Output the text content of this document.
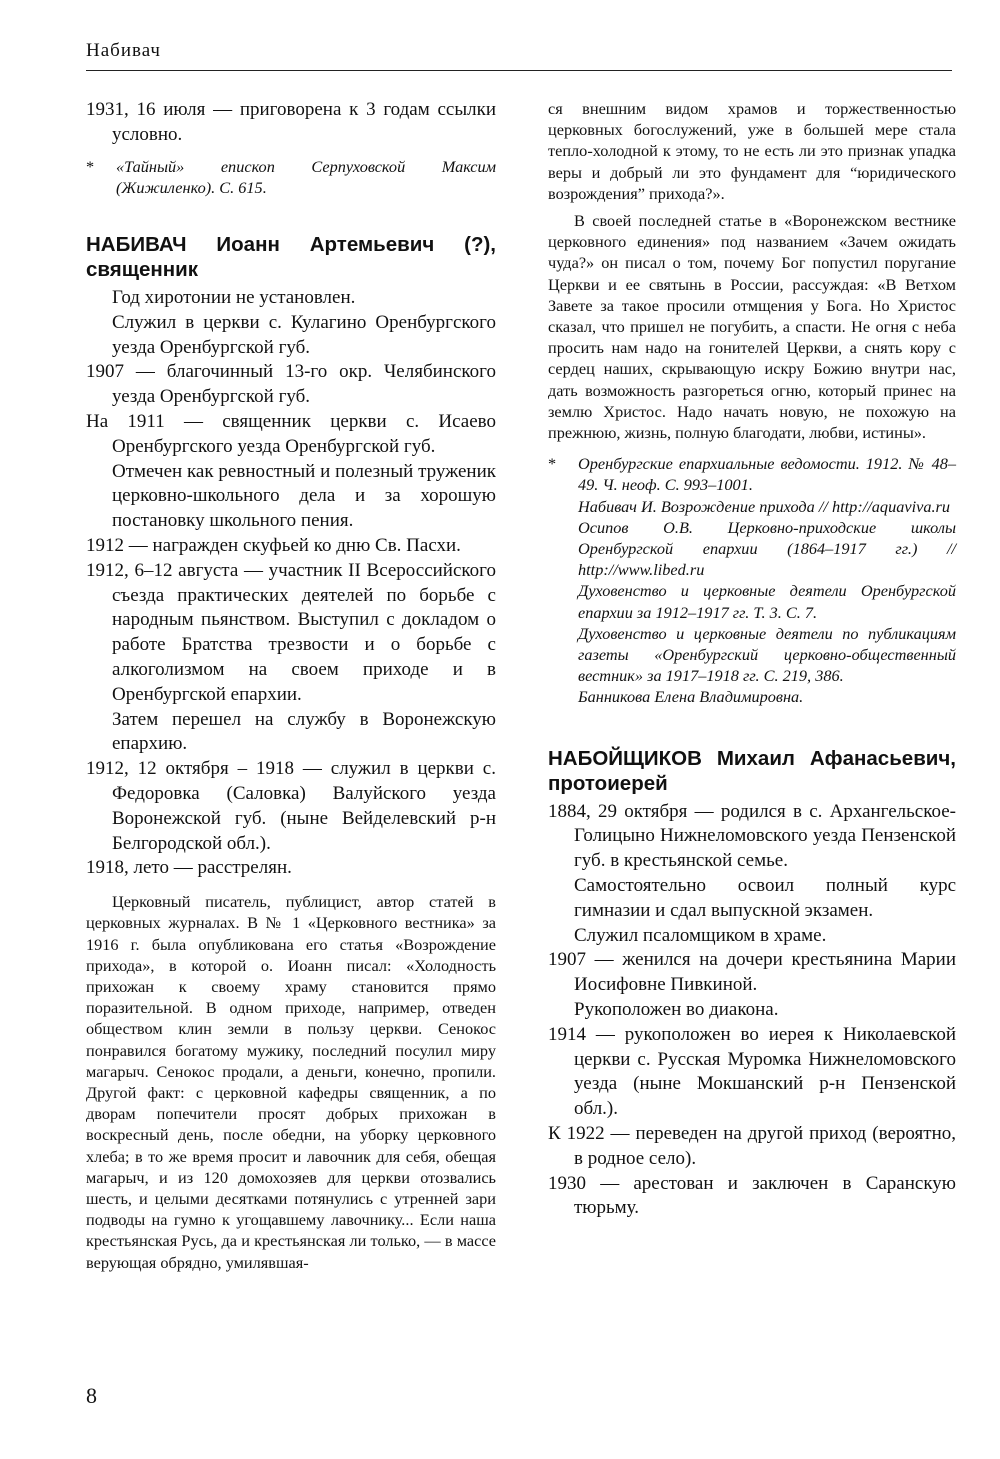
Набивач

1931, 16 июля — приговорена к 3 годам ссылки условно.

* «Тайный» епископ Серпуховской Максим (Жижиленко). С. 615.

НАБИВАЧ Иоанн Артемьевич (?), священник

Год хиротонии не установлен.

Служил в церкви с. Кулагино Оренбургского уезда Оренбургской губ.

1907 — благочинный 13-го окр. Челябинского уезда Оренбургской губ.

На 1911 — священник церкви с. Исаево Оренбургского уезда Оренбургской губ.

Отмечен как ревностный и полезный труженик церковно-школьного дела и за хорошую постановку школьного пения.

1912 — награжден скуфьей ко дню Св. Пасхи.

1912, 6–12 августа — участник II Всероссийского съезда практических деятелей по борьбе с народным пьянством. Выступил с докладом о работе Братства трезвости и о борьбе с алкоголизмом на своем приходе и в Оренбургской епархии.

Затем перешел на службу в Воронежскую епархию.

1912, 12 октября – 1918 — служил в церкви с. Федоровка (Саловка) Валуйского уезда Воронежской губ. (ныне Вейделевский р-н Белгородской обл.).

1918, лето — расстрелян.

Церковный писатель, публицист, автор статей в церковных журналах. В № 1 «Церковного вестника» за 1916 г. была опубликована его статья «Возрождение прихода», в которой о. Иоанн писал: «Холодность прихожан к своему храму становится прямо поразительной. В одном приходе, например, отведен обществом клин земли в пользу церкви. Сенокос понравился богатому мужику, последний посулил миру магарыч. Сенокос продали, а деньги, конечно, пропили. Другой факт: с церковной кафедры священник, а по дворам попечители просят добрых прихожан в воскресный день, после обедни, на уборку церковного хлеба; в то же время просит и лавочник для себя, обещая магарыч, и из 120 домохозяев для церкви отозвались шесть, и целыми десятками потянулись с утренней зари подводы на гумно к угощавшему лавочнику... Если наша крестьянская Русь, да и крестьянская ли только, — в массе верующая обрядно, умилявшая-

ся внешним видом храмов и торжественностью церковных богослужений, уже в большей мере стала тепло-холодной к этому, то не есть ли это признак упадка веры и добрый ли это фундамент для “юридического возрождения” прихода?».

В своей последней статье в «Воронежском вестнике церковного единения» под названием «Зачем ожидать чуда?» он писал о том, почему Бог попустил поругание Церкви и ее святынь в России, рассуждая: «В Ветхом Завете за такое просили отмщения у Бога. Но Христос сказал, что пришел не погубить, а спасти. Не огня с неба просить нам надо на гонителей Церкви, а снять кору с сердец наших, скрывающую искру Божию внутри нас, дать возможность разгореться огню, который принес на землю Христос. Надо начать новую, не похожую на прежнюю, жизнь, полную благодати, любви, истины».

* Оренбургские епархиальные ведомости. 1912. № 48–49. Ч. неоф. С. 993–1001.

Набивач И. Возрождение прихода // http://aquaviva.ru

Осипов О.В. Церковно-приходские школы Оренбургской епархии (1864–1917 гг.) // http://www.libed.ru

Духовенство и церковные деятели Оренбургской епархии за 1912–1917 гг. Т. 3. С. 7.

Духовенство и церковные деятели по публикациям газеты «Оренбургский церковно-общественный вестник» за 1917–1918 гг. С. 219, 386.

Банникова Елена Владимировна.

НАБОЙЩИКОВ Михаил Афанасьевич, протоиерей

1884, 29 октября — родился в с. Архангельское-Голицыно Нижнеломовского уезда Пензенской губ. в крестьянской семье.

Самостоятельно освоил полный курс гимназии и сдал выпускной экзамен.

Служил псаломщиком в храме.

1907 — женился на дочери крестьянина Марии Иосифовне Пивкиной.

Рукоположен во диакона.

1914 — рукоположен во иерея к Николаевской церкви с. Русская Муромка Нижнеломовского уезда (ныне Мокшанский р-н Пензенской обл.).

К 1922 — переведен на другой приход (вероятно, в родное село).

1930 — арестован и заключен в Саранскую тюрьму.

8
